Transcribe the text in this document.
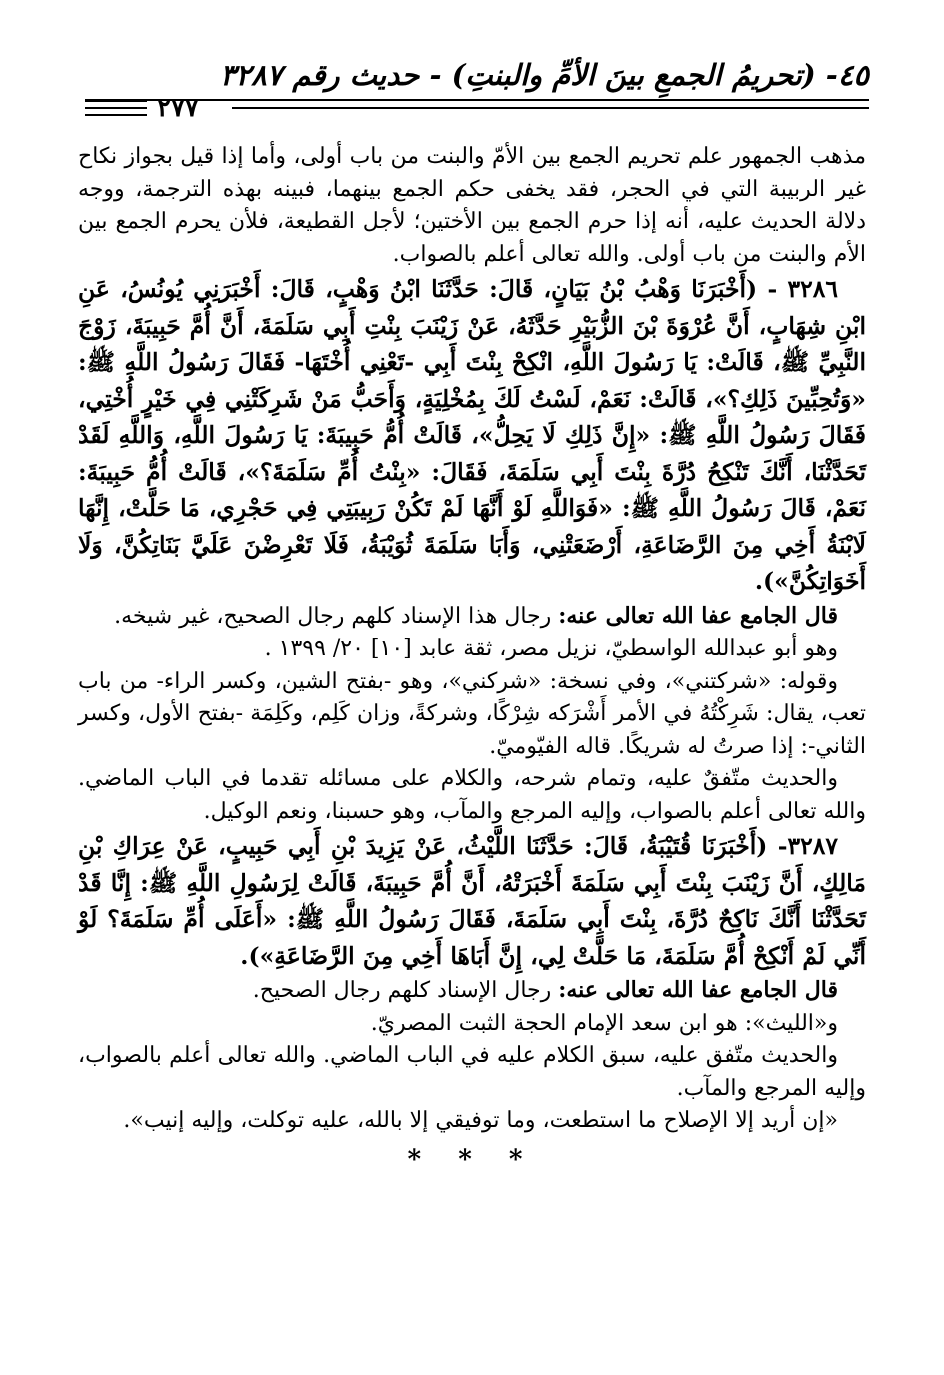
٤٥- (تحريمُ الجمعِ بينَ الأمِّ والبنتِ) - حديث رقم ٣٢٨٧
٢٧٧

مذهب الجمهور علم تحريم الجمع بين الأمّ والبنت من باب أولى، وأما إذا قيل بجواز نكاح غير الربيبة التي في الحجر، فقد يخفى حكم الجمع بينهما، فبينه بهذه الترجمة، ووجه دلالة الحديث عليه، أنه إذا حرم الجمع بين الأختين؛ لأجل القطيعة، فلأن يحرم الجمع بين الأم والبنت من باب أولى. والله تعالى أعلم بالصواب.

٣٢٨٦ - (أَخْبَرَنَا وَهْبُ بْنُ بَيَانٍ، قَالَ: حَدَّثَنَا ابْنُ وَهْبٍ، قَالَ: أَخْبَرَنِي يُونُسُ، عَنِ ابْنِ شِهَابٍ، أَنَّ عُرْوَةَ بْنَ الزُّبَيْرِ حَدَّثَهُ، عَنْ زَيْنَبَ بِنْتِ أَبِي سَلَمَةَ، أَنَّ أُمَّ حَبِيبَةَ، زَوْجَ النَّبِيِّ ﷺ، قَالَتْ: يَا رَسُولَ اللَّهِ، انْكِحْ بِنْتَ أَبِي -تَعْنِي أُخْتَهَا- فَقَالَ رَسُولُ اللَّهِ ﷺ: «وَتُحِبِّينَ ذَلِكِ؟»، قَالَتْ: نَعَمْ، لَسْتُ لَكَ بِمُخْلِيَةٍ، وَأَحَبُّ مَنْ شَرِكَتْنِي فِي خَيْرٍ أُخْتِي، فَقَالَ رَسُولُ اللَّهِ ﷺ: «إِنَّ ذَلِكِ لَا يَحِلُّ»، قَالَتْ أُمُّ حَبِيبَةَ: يَا رَسُولَ اللَّهِ، وَاللَّهِ لَقَدْ تَحَدَّثْنَا، أَنَّكَ تَنْكِحُ دُرَّةَ بِنْتَ أَبِي سَلَمَةَ، فَقَالَ: «بِنْتُ أُمِّ سَلَمَةَ؟»، قَالَتْ أُمُّ حَبِيبَةَ: نَعَمْ، قَالَ رَسُولُ اللَّهِ ﷺ: «فَوَاللَّهِ لَوْ أَنَّهَا لَمْ تَكُنْ رَبِيبَتِي فِي حَجْرِي، مَا حَلَّتْ، إِنَّهَا لَابْنَةُ أَخِي مِنَ الرَّضَاعَةِ، أَرْضَعَتْنِي، وَأَبَا سَلَمَةَ ثُوَيْبَةُ، فَلَا تَعْرِضْنَ عَلَيَّ بَنَاتِكُنَّ، وَلَا أَخَوَاتِكُنَّ»).

قال الجامع عفا الله تعالى عنه: رجال هذا الإسناد كلهم رجال الصحيح، غير شيخه.

وهو أبو عبدالله الواسطيّ، نزيل مصر، ثقة عابد [١٠] ٢٠/ ١٣٩٩ .

وقوله: «شركتني»، وفي نسخة: «شركني»، وهو -بفتح الشين، وكسر الراء- من باب تعب، يقال: شَرِكْتُهُ في الأمر أَشْرَكه شِرْكًا، وشركةً، وزان كَلِم، وكَلِمَة -بفتح الأول، وكسر الثاني-: إذا صرتُ له شريكًا. قاله الفيّوميّ.

والحديث متّفقٌ عليه، وتمام شرحه، والكلام على مسائله تقدما في الباب الماضي. والله تعالى أعلم بالصواب، وإليه المرجع والمآب، وهو حسبنا، ونعم الوكيل.

٣٢٨٧- (أَخْبَرَنَا قُتَيْبَةُ، قَالَ: حَدَّثَنَا اللَّيْثُ، عَنْ يَزِيدَ بْنِ أَبِي حَبِيبٍ، عَنْ عِرَاكِ بْنِ مَالِكٍ، أَنَّ زَيْنَبَ بِنْتَ أَبِي سَلَمَةَ أَخْبَرَتْهُ، أَنَّ أُمَّ حَبِيبَةَ، قَالَتْ لِرَسُولِ اللَّهِ ﷺ: إِنَّا قَدْ تَحَدَّثْنَا أَنَّكَ نَاكِحٌ دُرَّةَ، بِنْتَ أَبِي سَلَمَةَ، فَقَالَ رَسُولُ اللَّهِ ﷺ: «أَعَلَى أُمِّ سَلَمَةَ؟ لَوْ أَنِّي لَمْ أَنْكِحْ أُمَّ سَلَمَةَ، مَا حَلَّتْ لِي، إِنَّ أَبَاهَا أَخِي مِنَ الرَّضَاعَةِ»).

قال الجامع عفا الله تعالى عنه: رجال الإسناد كلهم رجال الصحيح.

و«الليث»: هو ابن سعد الإمام الحجة الثبت المصريّ.

والحديث متّفق عليه، سبق الكلام عليه في الباب الماضي. والله تعالى أعلم بالصواب، وإليه المرجع والمآب.

«إن أريد إلا الإصلاح ما استطعت، وما توفيقي إلا بالله، عليه توكلت، وإليه إنيب».

* * *
